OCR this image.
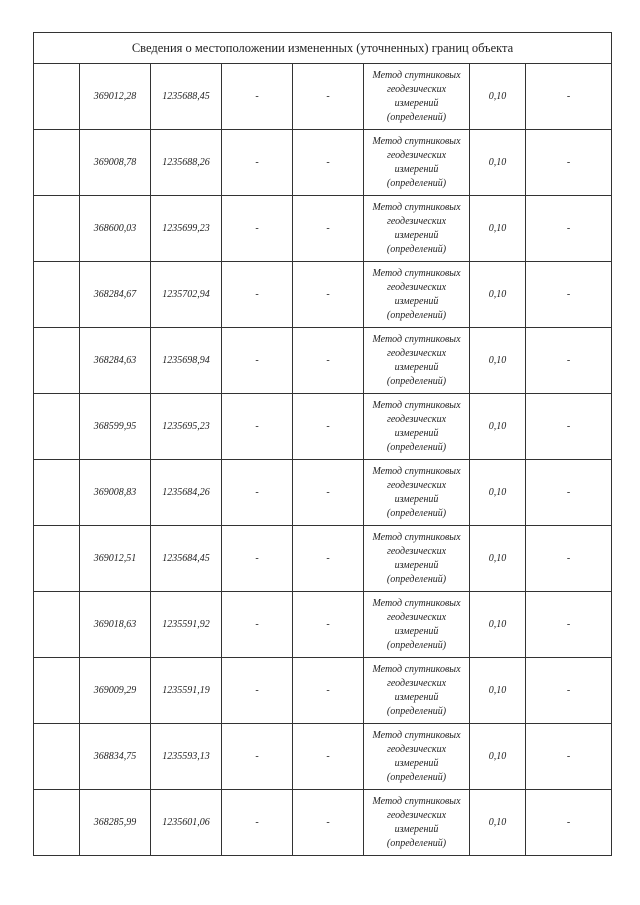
Сведения о местоположении измененных (уточненных) границ объекта							
	369012,28	1235688,45	-	-	Метод спутниковых геодезических измерений (определений)	0,10	-
	369008,78	1235688,26	-	-	Метод спутниковых геодезических измерений (определений)	0,10	-
	368600,03	1235699,23	-	-	Метод спутниковых геодезических измерений (определений)	0,10	-
	368284,67	1235702,94	-	-	Метод спутниковых геодезических измерений (определений)	0,10	-
	368284,63	1235698,94	-	-	Метод спутниковых геодезических измерений (определений)	0,10	-
	368599,95	1235695,23	-	-	Метод спутниковых геодезических измерений (определений)	0,10	-
	369008,83	1235684,26	-	-	Метод спутниковых геодезических измерений (определений)	0,10	-
	369012,51	1235684,45	-	-	Метод спутниковых геодезических измерений (определений)	0,10	-
	369018,63	1235591,92	-	-	Метод спутниковых геодезических измерений (определений)	0,10	-
	369009,29	1235591,19	-	-	Метод спутниковых геодезических измерений (определений)	0,10	-
	368834,75	1235593,13	-	-	Метод спутниковых геодезических измерений (определений)	0,10	-
	368285,99	1235601,06	-	-	Метод спутниковых геодезических измерений (определений)	0,10	-
